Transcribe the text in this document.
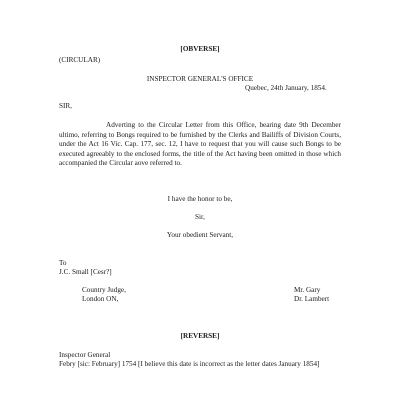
[OBVERSE]
(CIRCULAR)
INSPECTOR GENERAL'S OFFICE
Quebec, 24th January, 1854.
SIR,
Adverting to the Circular Letter from this Office, bearing date 9th December ultimo, referring to Bongs required to be furnished by the Clerks and Bailiffs of Division Courts, under the Act 16 Vic. Cap. 177, sec. 12, I have to request that you will cause such Bongs to be executed agreeably to the enclosed forms, the title of the Act having been omitted in those which accompanied the Circular aove referred to.
I have the honor to be,
Sir,
Your obedient Servant,
To
J.C. Small [Cesr?]
Country Judge,
London ON,
Mr. Gary
Dr. Lambert
[REVERSE]
Inspector General
Febry [sic: February] 1754 [I believe this date is incorrect as the letter dates January 1854]
